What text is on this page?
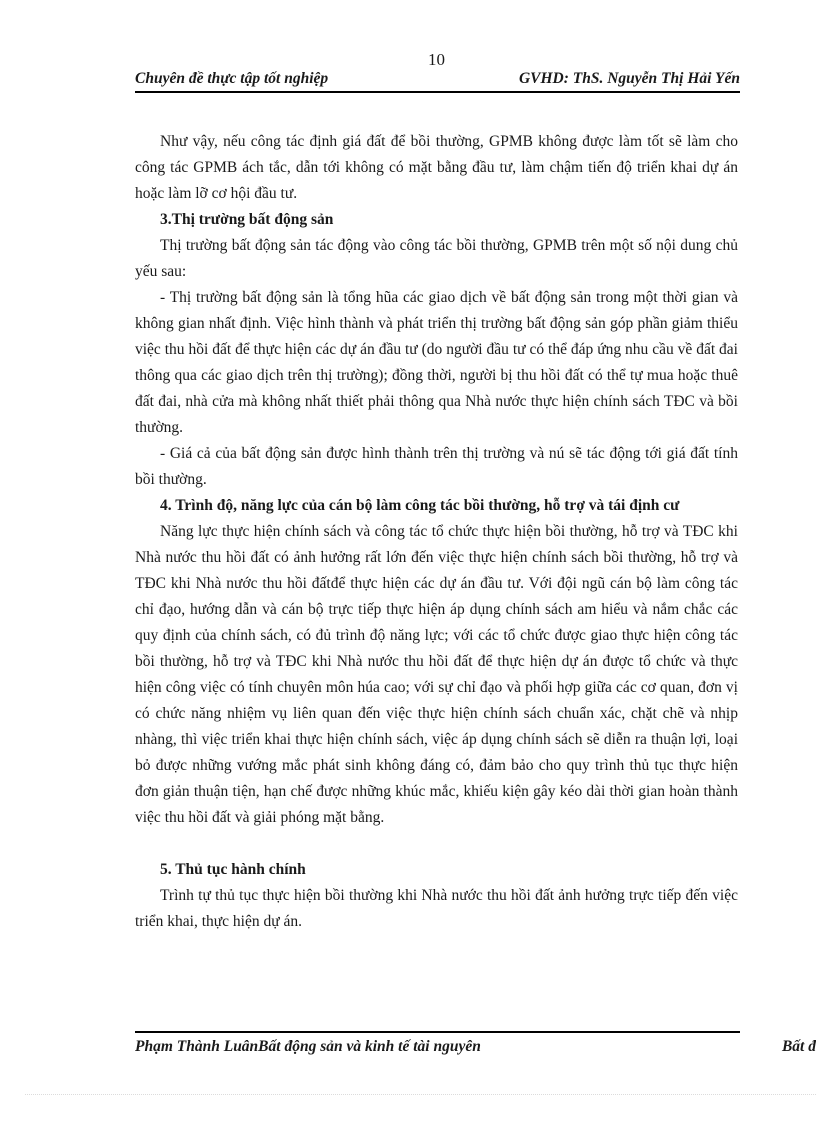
10
Chuyên đề thực tập tốt nghiệp	GVHD: ThS. Nguyễn Thị Hải Yến

Như vậy, nếu công tác định giá đất để bồi thường, GPMB không được làm tốt sẽ làm cho công tác GPMB ách tắc, dẫn tới không có mặt bằng đầu tư, làm chậm tiến độ triển khai dự án hoặc làm lỡ cơ hội đầu tư.

3.Thị trường bất động sản

Thị trường bất động sản tác động vào công tác bồi thường, GPMB trên một số nội dung chủ yếu sau:

- Thị trường bất động sản là tổng hũa các giao dịch về bất động sản trong một thời gian và không gian nhất định. Việc hình thành và phát triển thị trường bất động sản góp phần giảm thiểu việc thu hồi đất để thực hiện các dự án đầu tư (do người đầu tư có thể đáp ứng nhu cầu về đất đai thông qua các giao dịch trên thị trường); đồng thời, người bị thu hồi đất có thể tự mua hoặc thuê đất đai, nhà cửa mà không nhất thiết phải thông qua Nhà nước thực hiện chính sách TĐC và bồi thường.

- Giá cả của bất động sản được hình thành trên thị trường và nú sẽ tác động tới giá đất tính bồi thường.

4. Trình độ, năng lực của cán bộ làm công tác bồi thường, hỗ trợ và tái định cư

Năng lực thực hiện chính sách và công tác tổ chức thực hiện bồi thường, hỗ trợ và TĐC khi Nhà nước thu hồi đất có ảnh hưởng rất lớn đến việc thực hiện chính sách bồi thường, hỗ trợ và TĐC khi Nhà nước thu hồi đấtđể thực hiện các dự án đầu tư. Với đội ngũ cán bộ làm công tác chỉ đạo, hướng dẫn và cán bộ trực tiếp thực hiện áp dụng chính sách am hiểu và nắm chắc các quy định của chính sách, có đủ trình độ năng lực; với các tổ chức được giao thực hiện công tác bồi thường, hỗ trợ và TĐC khi Nhà nước thu hồi đất để thực hiện dự án được tổ chức và thực hiện công việc có tính chuyên môn húa cao; với sự chỉ đạo và phối hợp giữa các cơ quan, đơn vị có chức năng nhiệm vụ liên quan đến việc thực hiện chính sách chuẩn xác, chặt chẽ và nhịp nhàng, thì việc triển khai thực hiện chính sách, việc áp dụng chính sách sẽ diễn ra thuận lợi, loại bỏ được những vướng mắc phát sinh không đáng có, đảm bảo cho quy trình thủ tục thực hiện đơn giản thuận tiện, hạn chế được những khúc mắc, khiếu kiện gây kéo dài thời gian hoàn thành việc thu hồi đất và giải phóng mặt bằng.

5. Thủ tục hành chính

Trình tự thủ tục thực hiện bồi thường khi Nhà nước thu hồi đất ảnh hưởng trực tiếp đến việc triển khai, thực hiện dự án.

Phạm Thành LuânBất động sản và kinh tế tài nguyên	Bất đ
